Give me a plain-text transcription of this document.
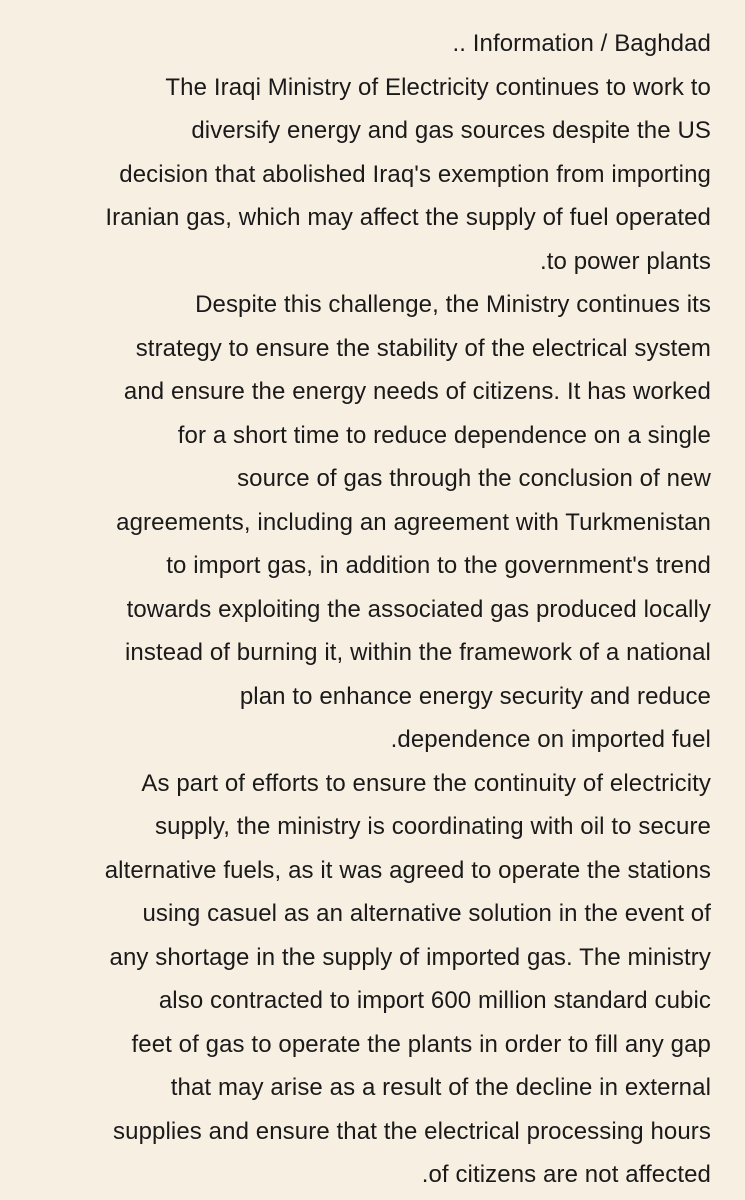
.. Information / Baghdad
The Iraqi Ministry of Electricity continues to work to
diversify energy and gas sources despite the US
decision that abolished Iraq's exemption from importing
Iranian gas, which may affect the supply of fuel operated
.to power plants
Despite this challenge, the Ministry continues its
strategy to ensure the stability of the electrical system
and ensure the energy needs of citizens. It has worked
for a short time to reduce dependence on a single
source of gas through the conclusion of new
agreements, including an agreement with Turkmenistan
to import gas, in addition to the government's trend
towards exploiting the associated gas produced locally
instead of burning it, within the framework of a national
plan to enhance energy security and reduce
.dependence on imported fuel
As part of efforts to ensure the continuity of electricity
supply, the ministry is coordinating with oil to secure
alternative fuels, as it was agreed to operate the stations
using casuel as an alternative solution in the event of
any shortage in the supply of imported gas. The ministry
also contracted to import 600 million standard cubic
feet of gas to operate the plants in order to fill any gap
that may arise as a result of the decline in external
supplies and ensure that the electrical processing hours
.of citizens are not affected
